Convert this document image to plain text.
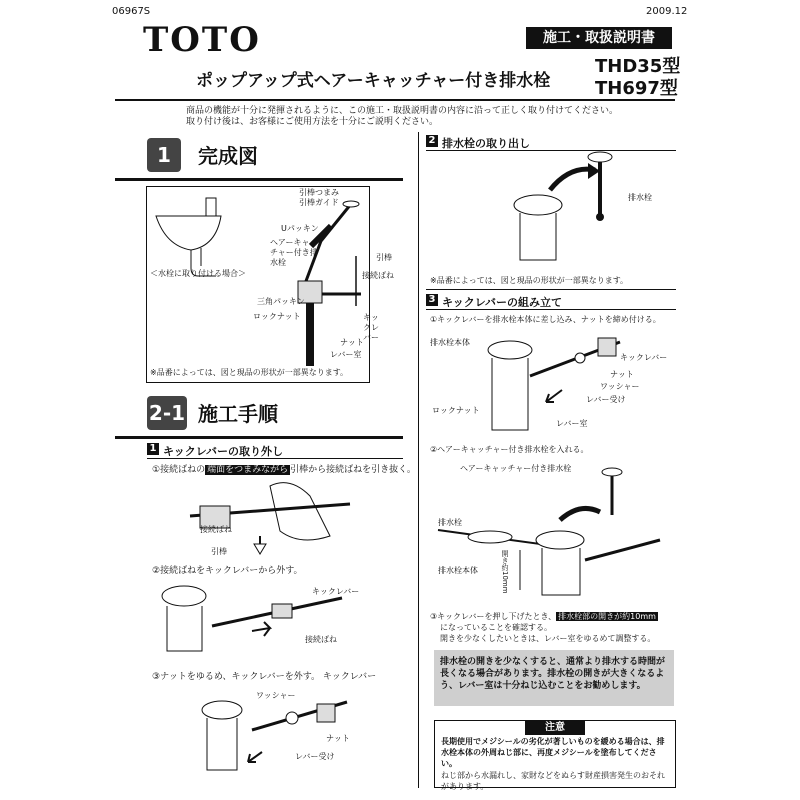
06967S	2009.12
TOTO	施工・取扱説明書
ポップアップ式ヘアーキャッチャー付き排水栓
THD35型
TH697型
商品の機能が十分に発揮されるように、この施工・取扱説明書の内容に沿って正しく取り付けてください。
取り付け後は、お客様にご使用方法を十分にご説明ください。
1	完成図
＜水栓に取り付ける場合＞
引棒つまみ
引棒ガイド
Uパッキン
ヘアーキャッチャー付き排水栓
引棒
接続ばね
三角パッキン
ロックナット
ナット
キックレバー
レバー室
※品番によっては、図と現品の形状が一部異なります。
2-1 施工手順
1 キックレバーの取り外し
①接続ばねの 端面をつまみながら 引棒から接続ばねを引き抜く。
接続ばね
引棒
②接続ばねをキックレバーから外す。
キックレバー
接続ばね
③ナットをゆるめ、キックレバーを外す。 キックレバー
ワッシャー
ナット
レバー受け
2 排水栓の取り出し
排水栓
※品番によっては、図と現品の形状が一部異なります。
3 キックレバーの組み立て
①キックレバーを排水栓本体に差し込み、ナットを締め付ける。
排水栓本体
キックレバー
ナット
ワッシャー
レバー受け
ロックナット
レバー室
②ヘアーキャッチャー付き排水栓を入れる。
ヘアーキャッチャー付き排水栓
排水栓
排水栓本体	開き約10mm
③キックレバーを押し下げたとき、 排水栓部の開きが約10mm
になっていることを確認する。
開きを少なくしたいときは、レバー室をゆるめて調整する。
排水栓の開きを少なくすると、通常より排水する時間が長くなる場合があります。排水栓の開きが大きくなるよう、レバー室は十分ねじ込むことをお勧めします。
注意
長期使用でメジシールの劣化が著しいものを緩める場合は、排水栓本体の外周ねじ部に、再度メジシールを塗布してください。
ねじ部から水漏れし、家財などをぬらす財産損害発生のおそれがあります。
